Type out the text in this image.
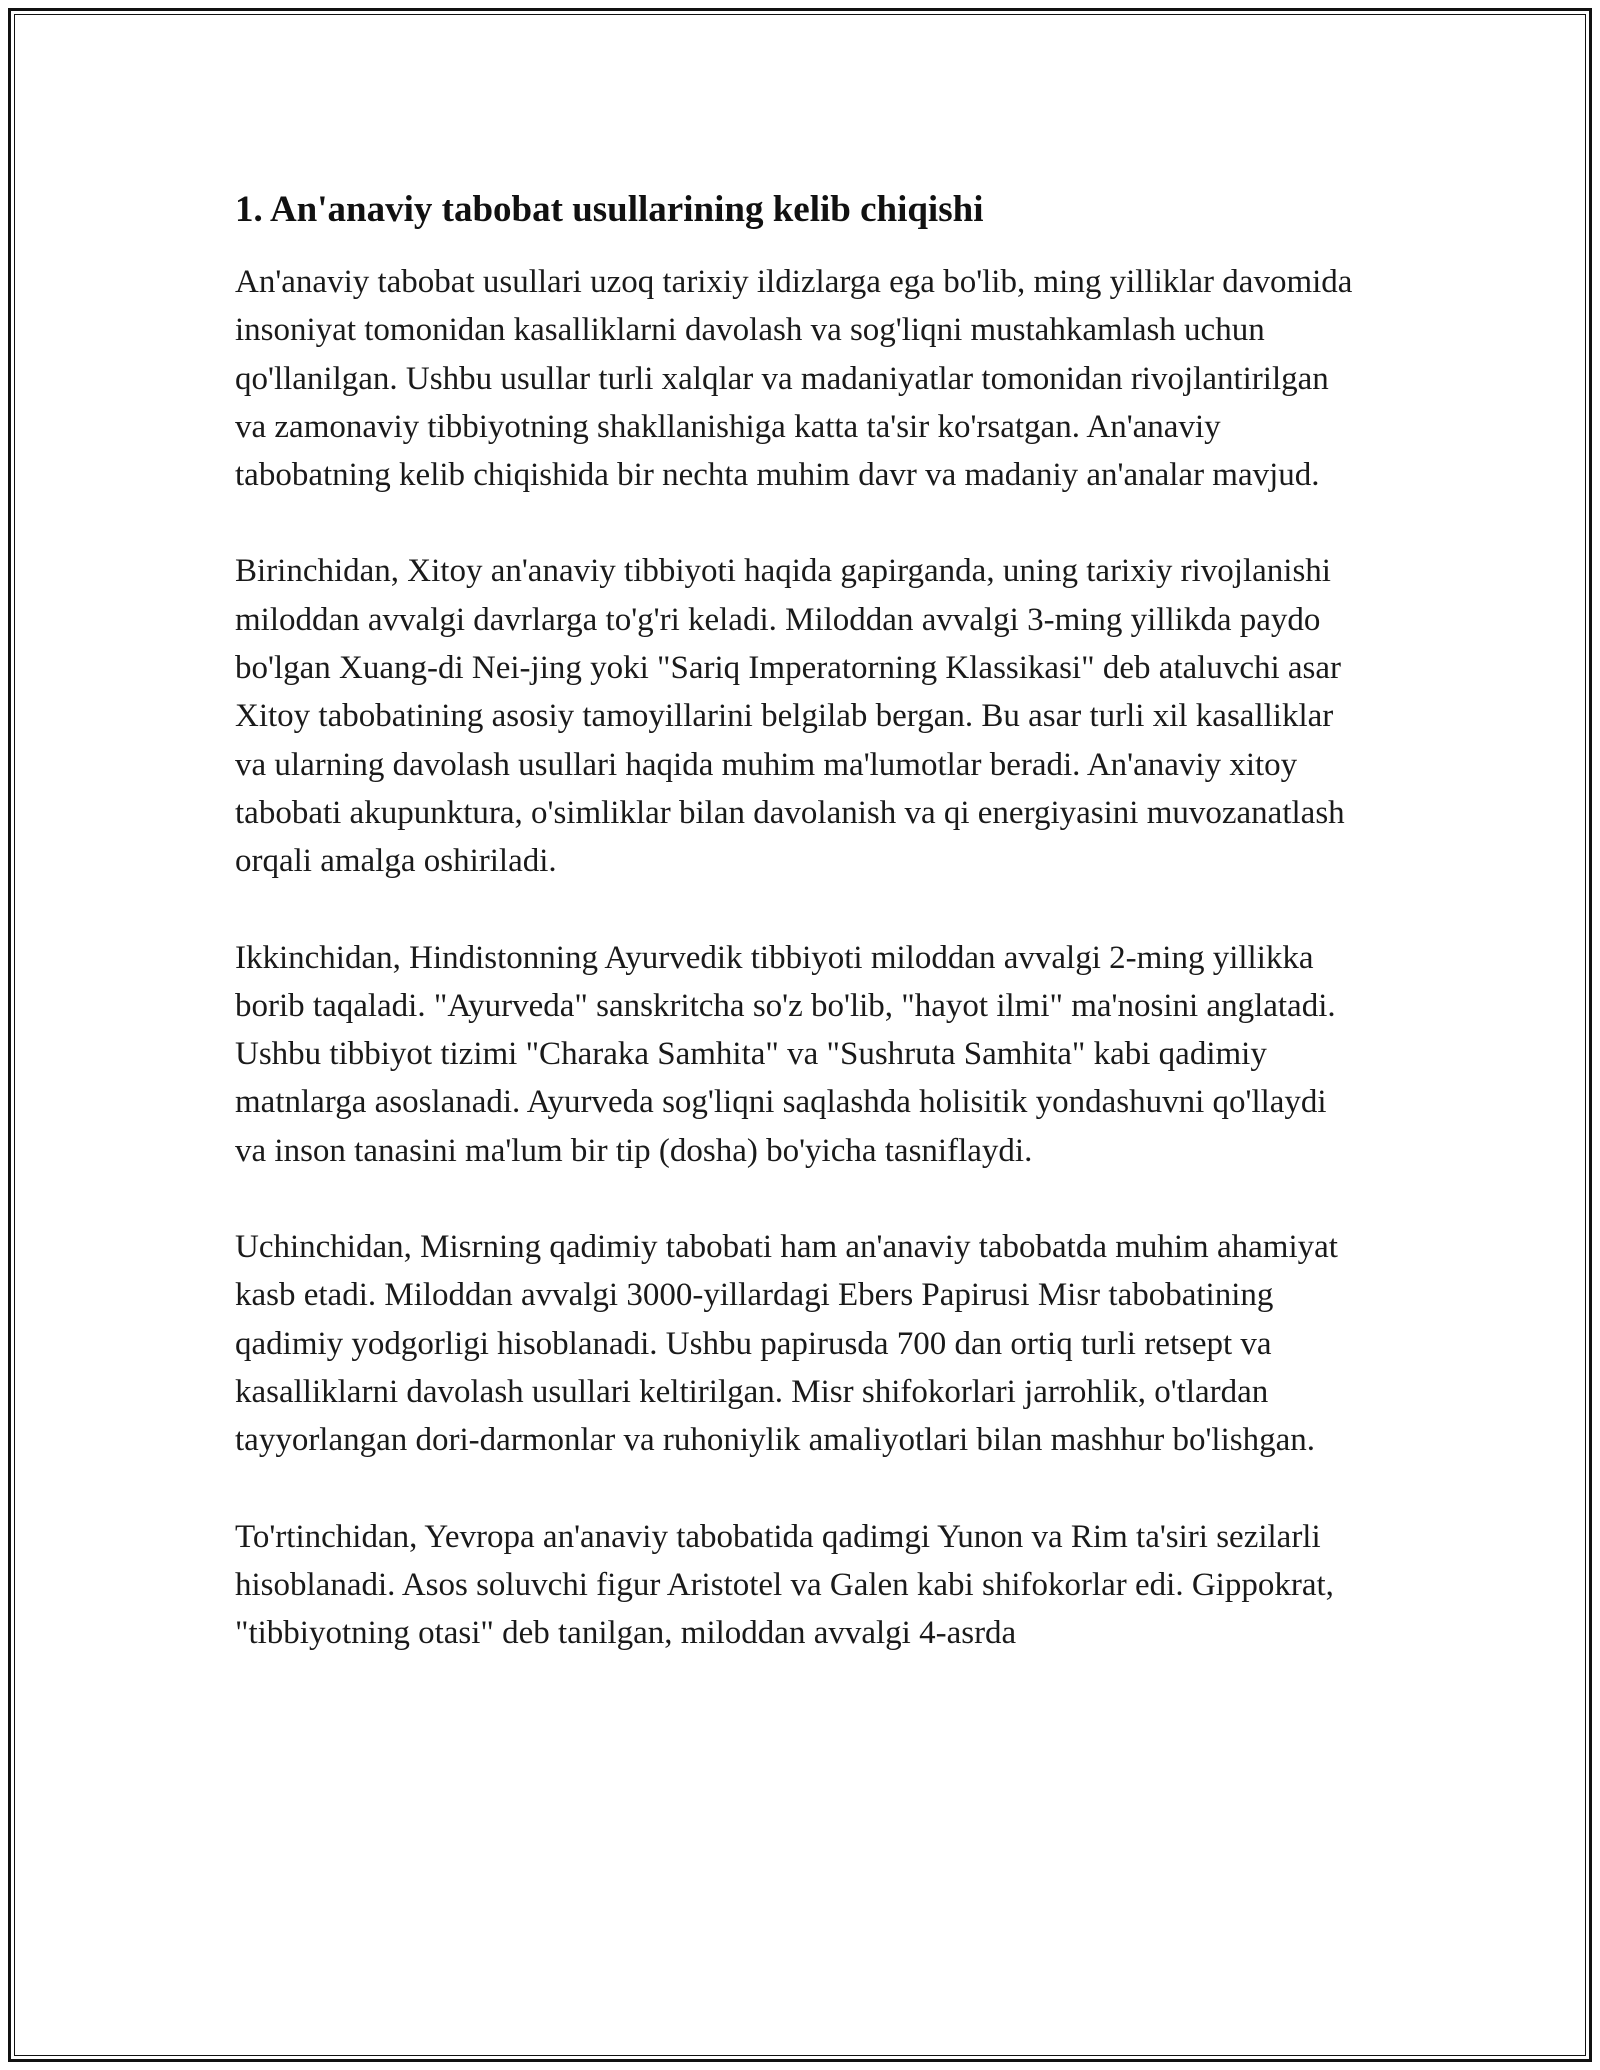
1. An'anaviy tabobat usullarining kelib chiqishi

An'anaviy tabobat usullari uzoq tarixiy ildizlarga ega bo'lib, ming yilliklar davomida insoniyat tomonidan kasalliklarni davolash va sog'liqni mustahkamlash uchun qo'llanilgan. Ushbu usullar turli xalqlar va madaniyatlar tomonidan rivojlantirilgan va zamonaviy tibbiyotning shakllanishiga katta ta'sir ko'rsatgan. An'anaviy tabobatning kelib chiqishida bir nechta muhim davr va madaniy an'analar mavjud.

Birinchidan, Xitoy an'anaviy tibbiyoti haqida gapirganda, uning tarixiy rivojlanishi miloddan avvalgi davrlarga to'g'ri keladi. Miloddan avvalgi 3-ming yillikda paydo bo'lgan Xuang-di Nei-jing yoki "Sariq Imperatorning Klassikasi" deb ataluvchi asar Xitoy tabobatining asosiy tamoyillarini belgilab bergan. Bu asar turli xil kasalliklar va ularning davolash usullari haqida muhim ma'lumotlar beradi. An'anaviy xitoy tabobati akupunktura, o'simliklar bilan davolanish va qi energiyasini muvozanatlash orqali amalga oshiriladi.

Ikkinchidan, Hindistonning Ayurvedik tibbiyoti miloddan avvalgi 2-ming yillikka borib taqaladi. "Ayurveda" sanskritcha so'z bo'lib, "hayot ilmi" ma'nosini anglatadi. Ushbu tibbiyot tizimi "Charaka Samhita" va "Sushruta Samhita" kabi qadimiy matnlarga asoslanadi. Ayurveda sog'liqni saqlashda holisitik yondashuvni qo'llaydi va inson tanasini ma'lum bir tip (dosha) bo'yicha tasniflaydi.

Uchinchidan, Misrning qadimiy tabobati ham an'anaviy tabobatda muhim ahamiyat kasb etadi. Miloddan avvalgi 3000-yillardagi Ebers Papirusi Misr tabobatining qadimiy yodgorligi hisoblanadi. Ushbu papirusda 700 dan ortiq turli retsept va kasalliklarni davolash usullari keltirilgan. Misr shifokorlari jarrohlik, o'tlardan tayyorlangan dori-darmonlar va ruhoniylik amaliyotlari bilan mashhur bo'lishgan.

To'rtinchidan, Yevropa an'anaviy tabobatida qadimgi Yunon va Rim ta'siri sezilarli hisoblanadi. Asos soluvchi figur Aristotel va Galen kabi shifokorlar edi. Gippokrat, "tibbiyotning otasi" deb tanilgan, miloddan avvalgi 4-asrda
